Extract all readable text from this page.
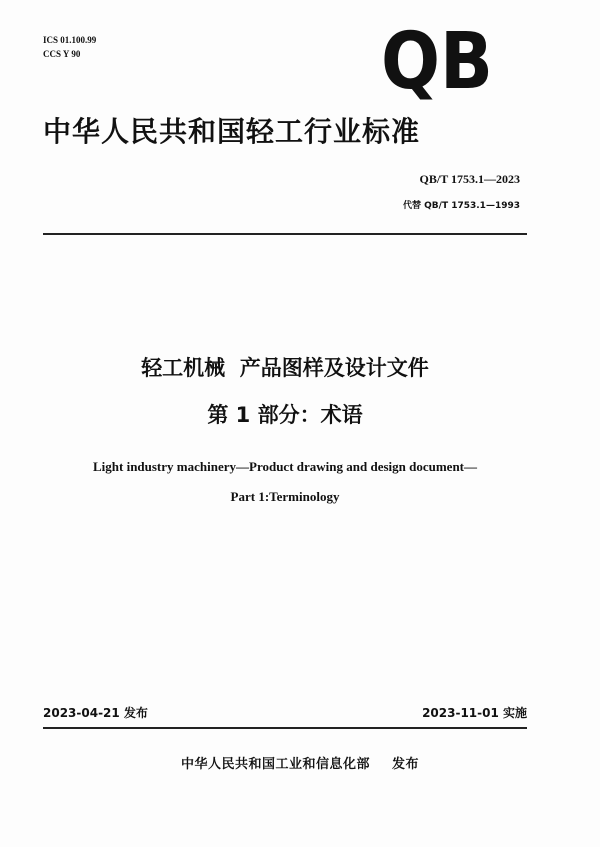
ICS 01.100.99
CCS Y 90	QB
中华人民共和国轻工行业标准
QB/T 1753.1—2023
代替 QB/T 1753.1—1993
轻工机械  产品图样及设计文件
第 1 部分：术语
Light industry machinery—Product drawing and design document—
Part 1:Terminology
2023-04-21 发布	2023-11-01 实施
中华人民共和国工业和信息化部 发布
